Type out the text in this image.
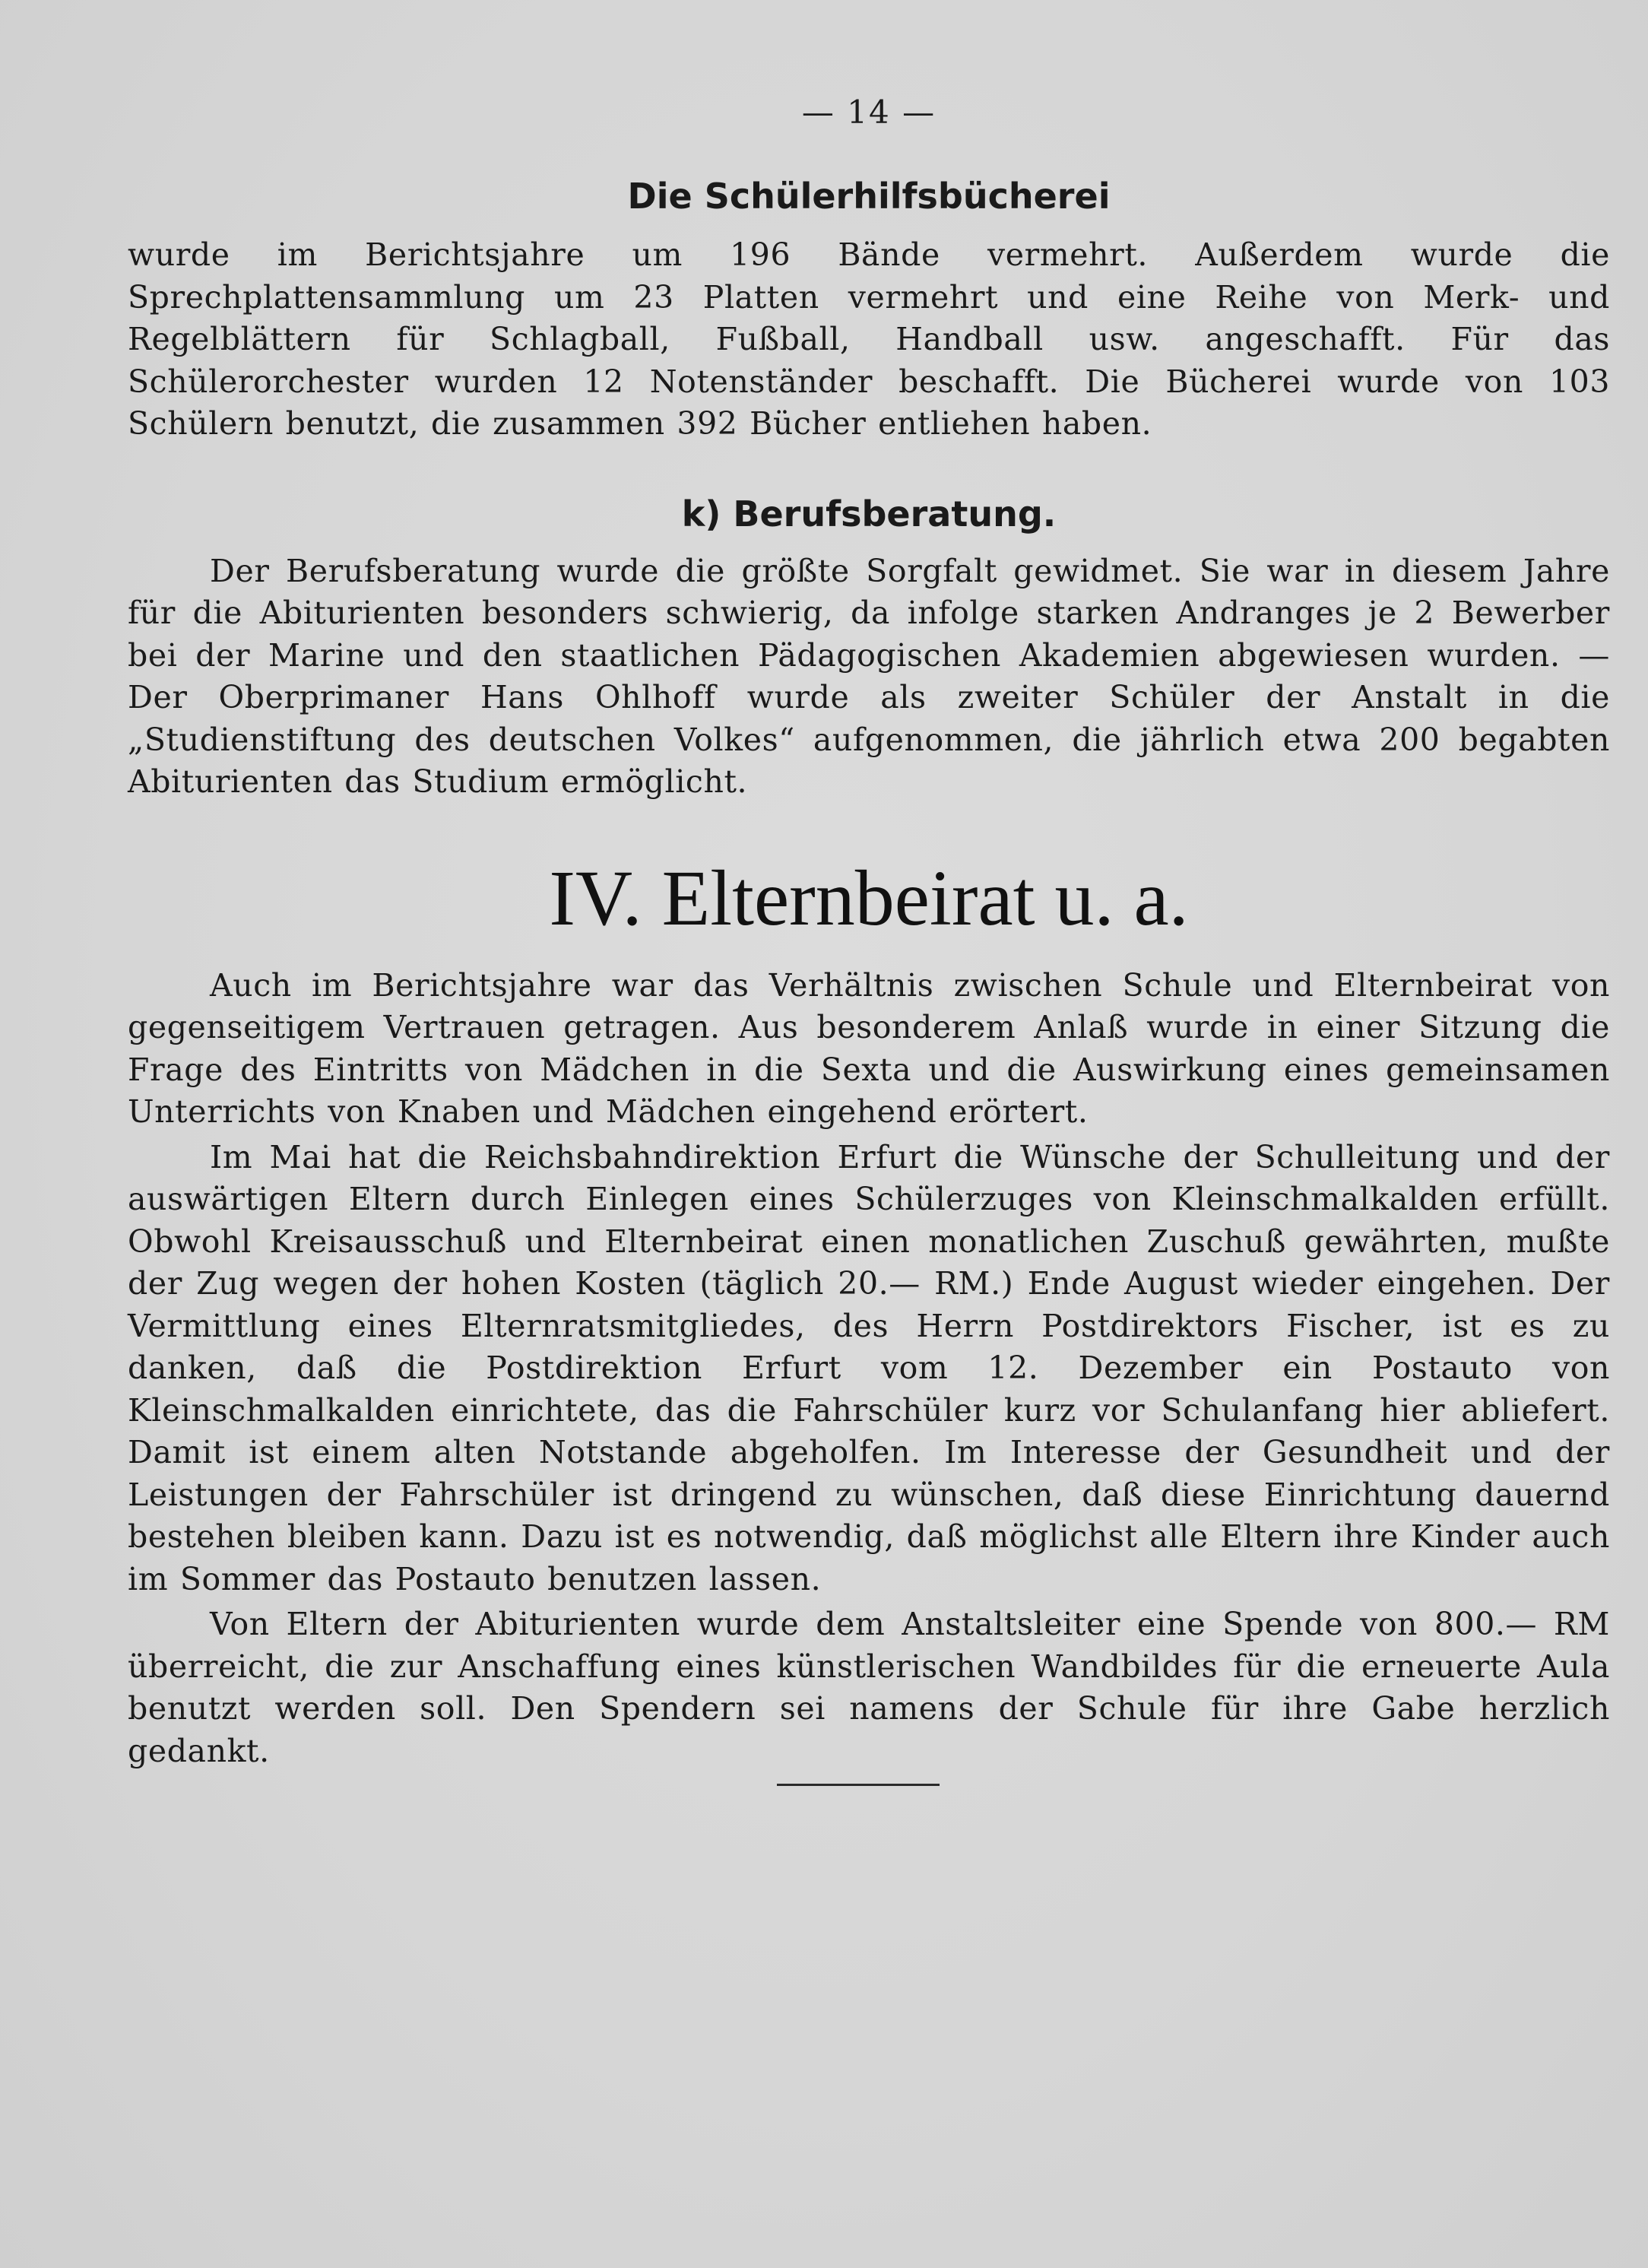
— 14 —
Die Schülerhilfsbücherei

wurde im Berichtsjahre um 196 Bände vermehrt. Außerdem wurde die Sprechplattensammlung um 23 Platten vermehrt und eine Reihe von Merk- und Regelblättern für Schlagball, Fußball, Handball usw. angeschafft. Für das Schülerorchester wurden 12 Notenständer beschafft. Die Bücherei wurde von 103 Schülern benutzt, die zusammen 392 Bücher entliehen haben.

k) Berufsberatung.

Der Berufsberatung wurde die größte Sorgfalt gewidmet. Sie war in diesem Jahre für die Abiturienten besonders schwierig, da infolge starken Andranges je 2 Bewerber bei der Marine und den staatlichen Pädagogischen Akademien abgewiesen wurden. — Der Oberprimaner Hans Ohlhoff wurde als zweiter Schüler der Anstalt in die „Studienstiftung des deutschen Volkes“ aufgenommen, die jährlich etwa 200 begabten Abiturienten das Studium ermöglicht.

IV. Elternbeirat u. a.

Auch im Berichtsjahre war das Verhältnis zwischen Schule und Elternbeirat von gegenseitigem Vertrauen getragen. Aus besonderem Anlaß wurde in einer Sitzung die Frage des Eintritts von Mädchen in die Sexta und die Auswirkung eines gemeinsamen Unterrichts von Knaben und Mädchen eingehend erörtert.

Im Mai hat die Reichsbahndirektion Erfurt die Wünsche der Schulleitung und der auswärtigen Eltern durch Einlegen eines Schülerzuges von Kleinschmalkalden erfüllt. Obwohl Kreisausschuß und Elternbeirat einen monatlichen Zuschuß gewährten, mußte der Zug wegen der hohen Kosten (täglich 20.— RM.) Ende August wieder eingehen. Der Vermittlung eines Elternratsmitgliedes, des Herrn Postdirektors Fischer, ist es zu danken, daß die Postdirektion Erfurt vom 12. Dezember ein Postauto von Kleinschmalkalden einrichtete, das die Fahrschüler kurz vor Schulanfang hier abliefert. Damit ist einem alten Notstande abgeholfen. Im Interesse der Gesundheit und der Leistungen der Fahrschüler ist dringend zu wünschen, daß diese Einrichtung dauernd bestehen bleiben kann. Dazu ist es notwendig, daß möglichst alle Eltern ihre Kinder auch im Sommer das Postauto benutzen lassen.

Von Eltern der Abiturienten wurde dem Anstaltsleiter eine Spende von 800.— RM überreicht, die zur Anschaffung eines künstlerischen Wandbildes für die erneuerte Aula benutzt werden soll. Den Spendern sei namens der Schule für ihre Gabe herzlich gedankt.
